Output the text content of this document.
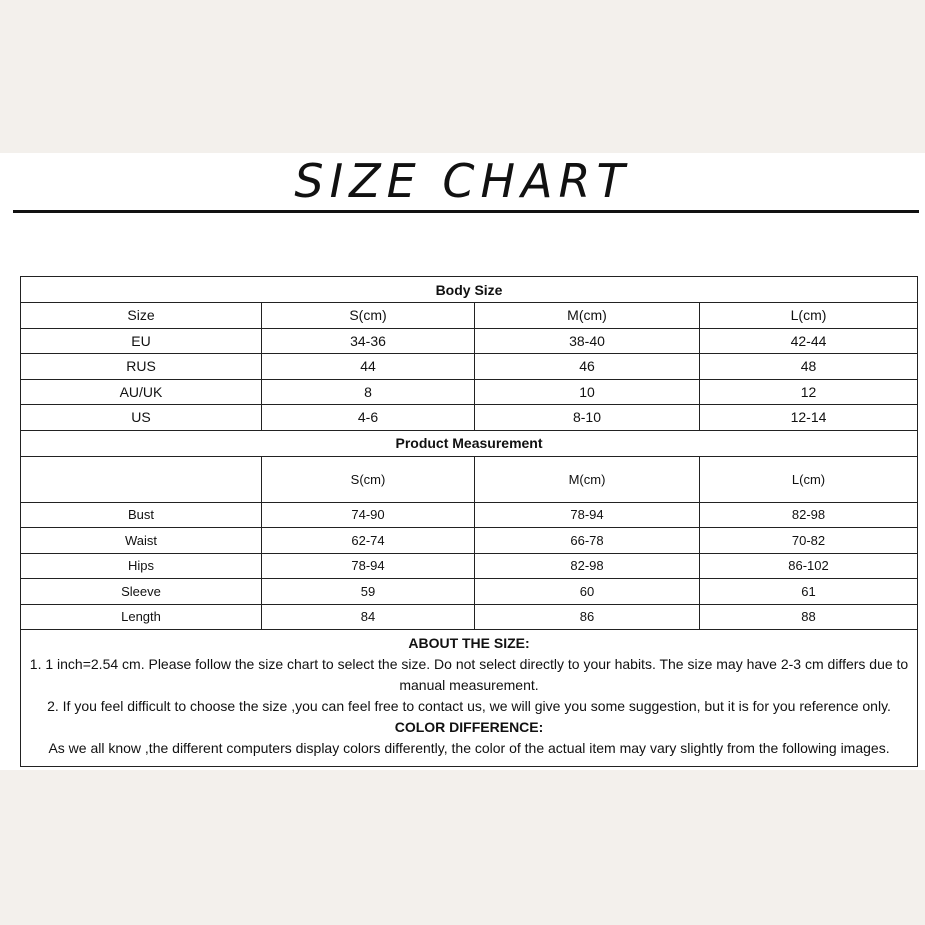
SIZE CHART
Body Size			
Size	S(cm)	M(cm)	L(cm)
EU	34-36	38-40	42-44
RUS	44	46	48
AU/UK	8	10	12
US	4-6	8-10	12-14
Product Measurement			
	S(cm)	M(cm)	L(cm)
Bust	74-90	78-94	82-98
Waist	62-74	66-78	70-82
Hips	78-94	82-98	86-102
Sleeve	59	60	61
Length	84	86	88

ABOUT THE SIZE:
1. 1 inch=2.54 cm. Please follow the size chart to select the size. Do not select directly to your habits. The size may have 2-3 cm differs due to manual measurement.
2. If you feel difficult to choose the size ,you can feel free to contact us, we will give you some suggestion, but it is for you reference only.
COLOR DIFFERENCE:
As we all know ,the different computers display colors differently, the color of the actual item may vary slightly from the following images.			
